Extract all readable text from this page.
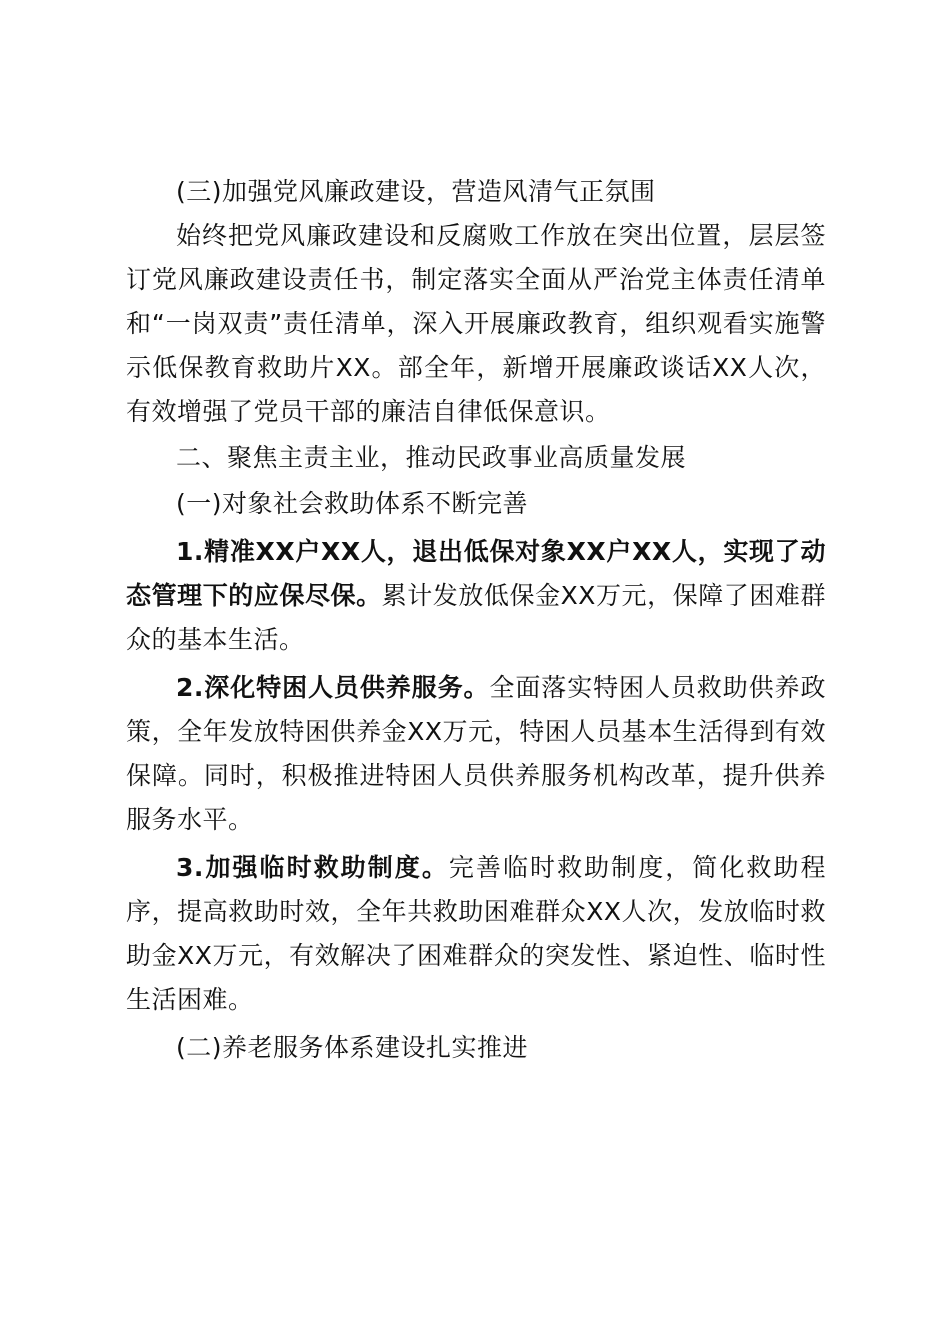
(三)加强党风廉政建设，营造风清气正氛围

始终把党风廉政建设和反腐败工作放在突出位置，层层签订党风廉政建设责任书，制定落实全面从严治党主体责任清单和“一岗双责”责任清单，深入开展廉政教育，组织观看实施警示低保教育救助片XX。部全年，新增开展廉政谈话XX人次，有效增强了党员干部的廉洁自律低保意识。

二、聚焦主责主业，推动民政事业高质量发展

(一)对象社会救助体系不断完善

1.精准XX户XX人，退出低保对象XX户XX人，实现了动态管理下的应保尽保。累计发放低保金XX万元，保障了困难群众的基本生活。

2.深化特困人员供养服务。全面落实特困人员救助供养政策，全年发放特困供养金XX万元，特困人员基本生活得到有效保障。同时，积极推进特困人员供养服务机构改革，提升供养服务水平。

3.加强临时救助制度。完善临时救助制度，简化救助程序，提高救助时效，全年共救助困难群众XX人次，发放临时救助金XX万元，有效解决了困难群众的突发性、紧迫性、临时性生活困难。

(二)养老服务体系建设扎实推进
